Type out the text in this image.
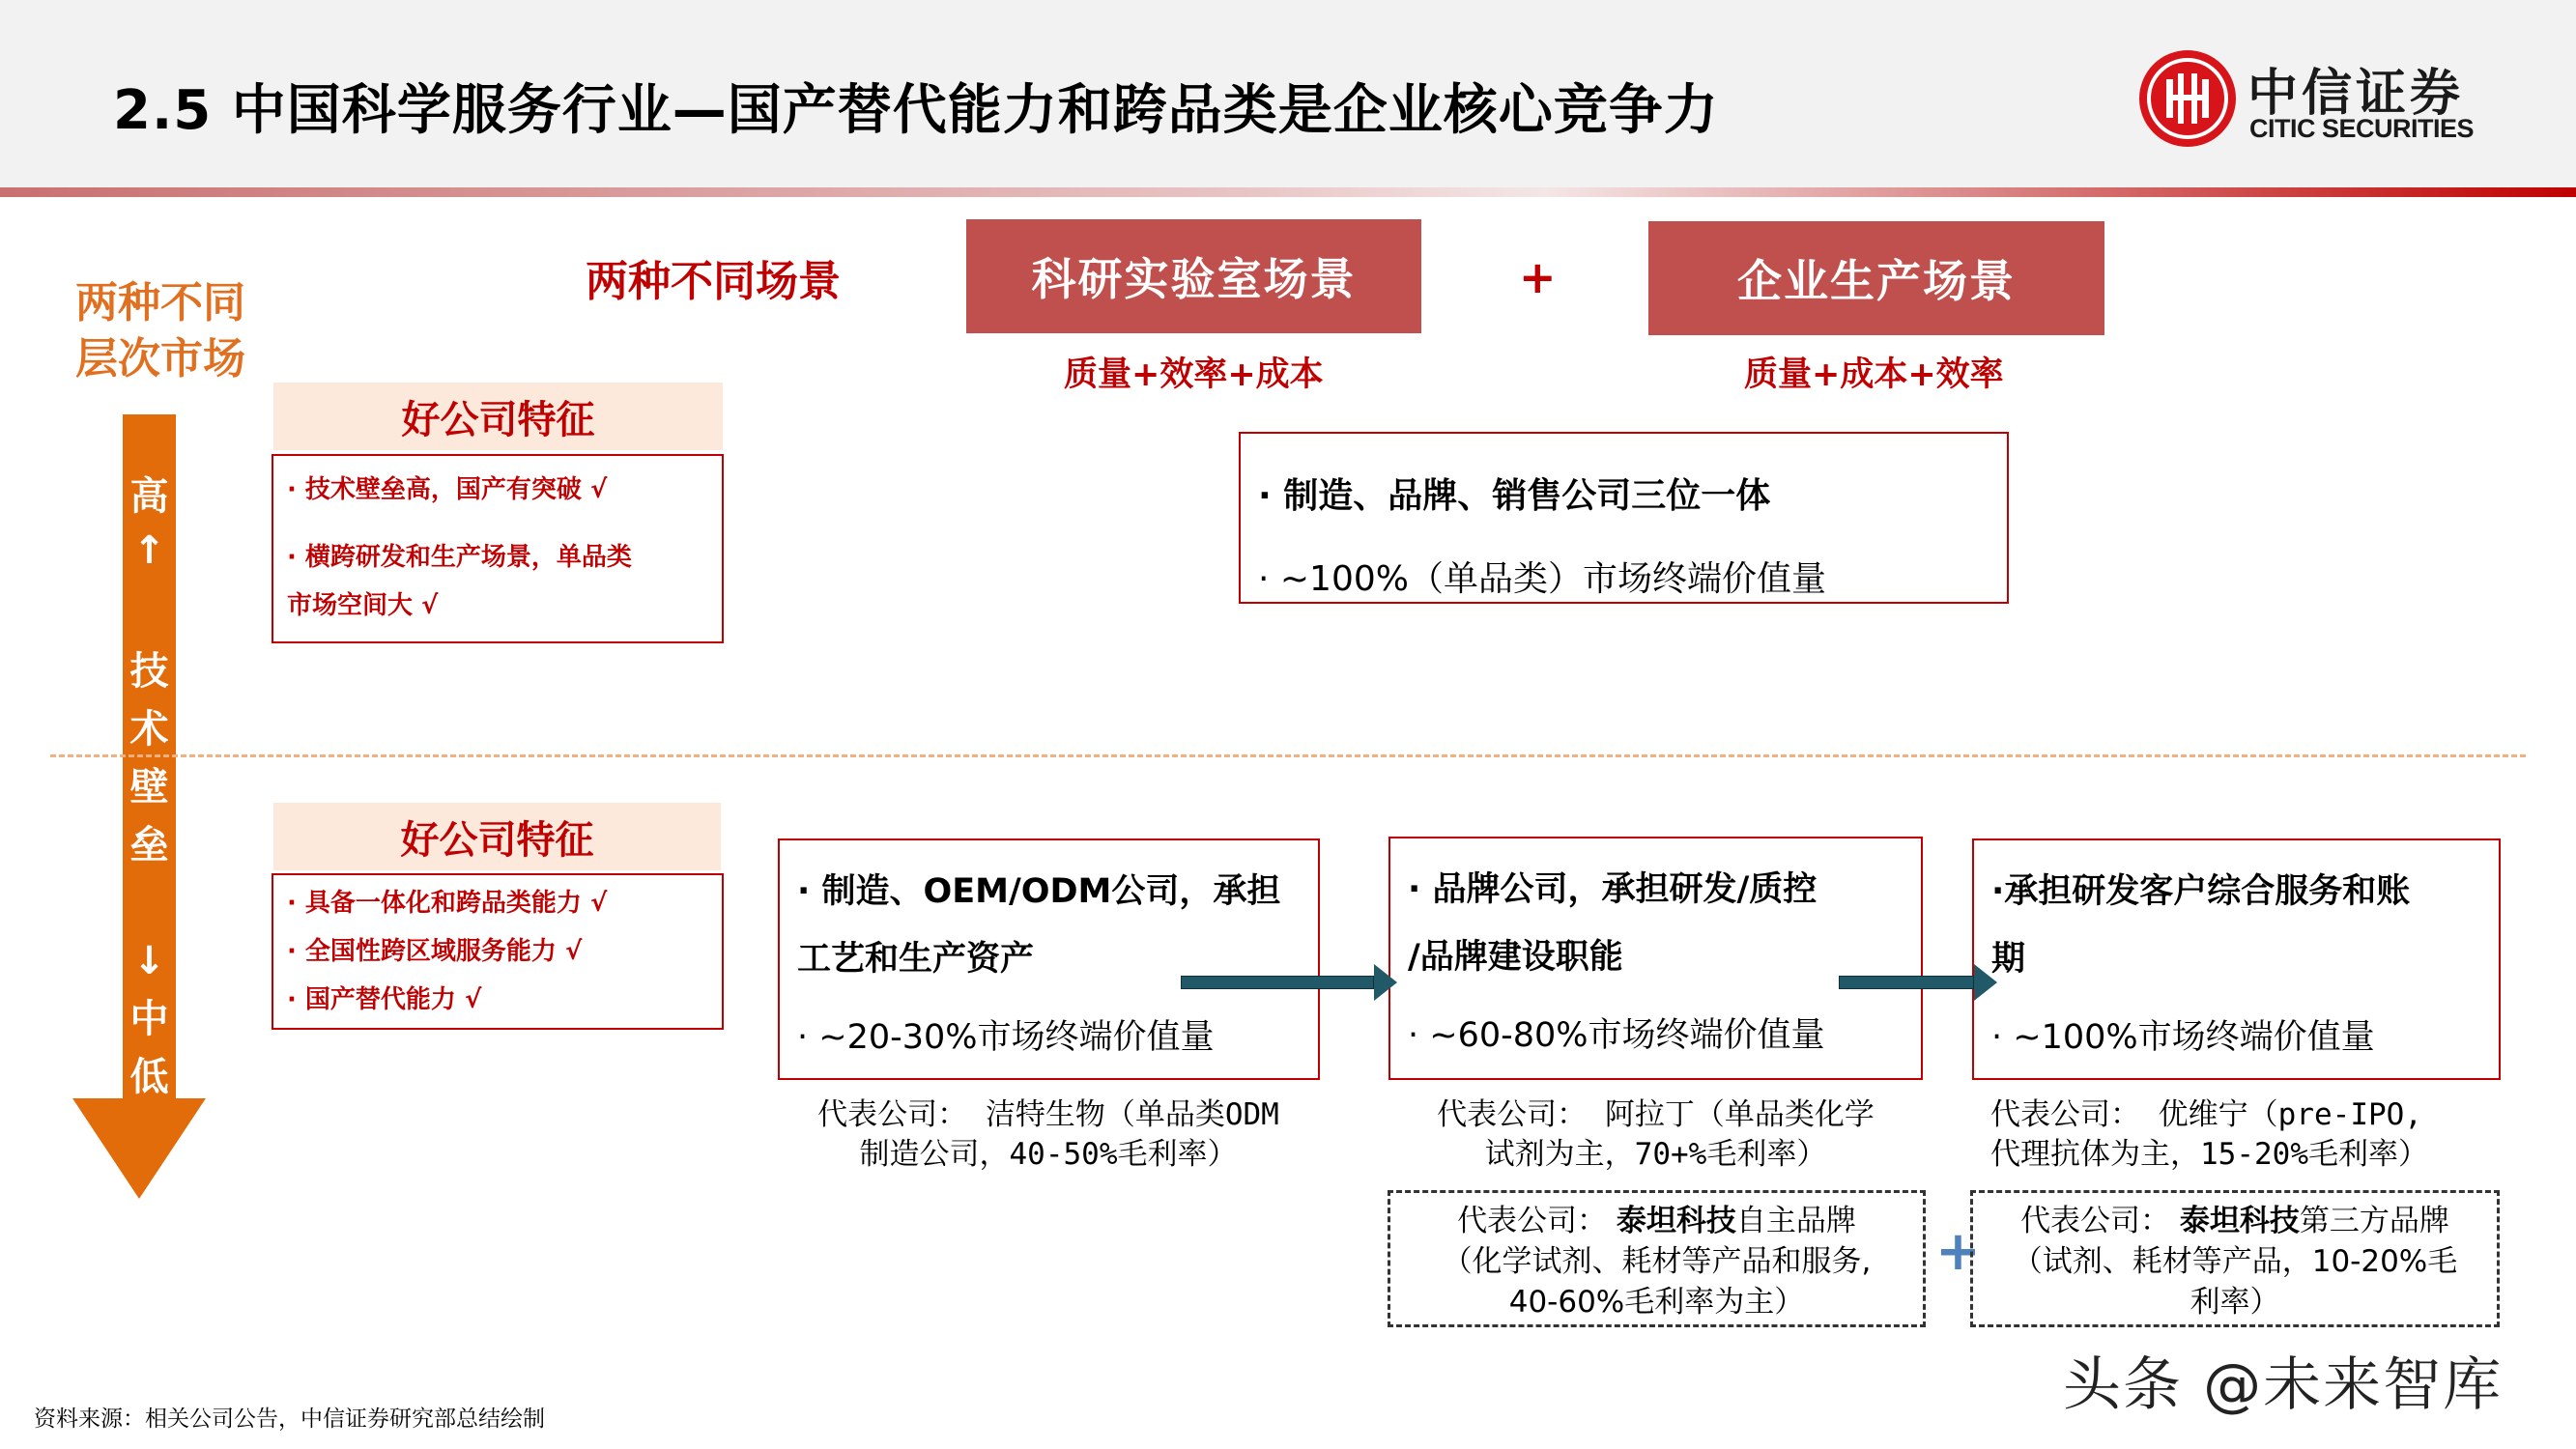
2.5 中国科学服务行业—国产替代能力和跨品类是企业核心竞争力	中信证券
CITIC SECURITIES
两种不同
层次市场
高
↑
技
术
壁
垒
↓
中
低
好公司特征
· 技术壁垒高，国产有突破 √
· 横跨研发和生产场景，单品类
市场空间大 √
两种不同场景	科研实验室场景	+	企业生产场景
质量+效率+成本	质量+成本+效率
· 制造、品牌、销售公司三位一体
· ~100%（单品类）市场终端价值量
好公司特征
· 具备一体化和跨品类能力 √
· 全国性跨区域服务能力 √
· 国产替代能力 √
· 制造、OEM/ODM公司，承担
工艺和生产资产
· ~20-30%市场终端价值量
· 品牌公司，承担研发/质控
/品牌建设职能
· ~60-80%市场终端价值量
·承担研发客户综合服务和账
期
· ~100%市场终端价值量
代表公司： 洁特生物（单品类ODM
制造公司，40-50%毛利率）
代表公司： 阿拉丁（单品类化学
试剂为主，70+%毛利率）
代表公司： 优维宁（pre-IPO,
代理抗体为主，15-20%毛利率）
代表公司： 泰坦科技自主品牌
（化学试剂、耗材等产品和服务,
40-60%毛利率为主）
+	代表公司： 泰坦科技第三方品牌
（试剂、耗材等产品，10-20%毛
利率）
资料来源：相关公司公告，中信证券研究部总结绘制	头条 @未来智库
